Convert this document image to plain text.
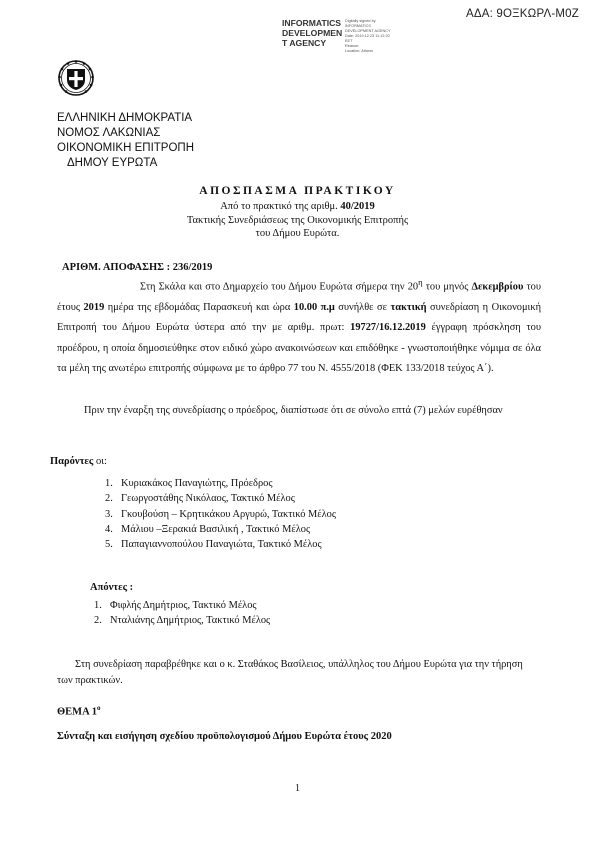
ΑΔΑ: 9ΟΞΚΩΡΛ-Μ0Ζ
INFORMATICS
DEVELOPMEN
T AGENCY
Digitally signed by
INFORMATICS
DEVELOPMENT AGENCY
Date: 2019.12.23 11:12:20
EET
Reason:
Location: Athens
ΕΛΛΗΝΙΚΗ ΔΗΜΟΚΡΑΤΙΑ
ΝΟΜΟΣ ΛΑΚΩΝΙΑΣ
ΟΙΚΟΝΟΜΙΚΗ ΕΠΙΤΡΟΠΗ
ΔΗΜΟΥ ΕΥΡΩΤΑ
ΑΠΟΣΠΑΣΜΑ ΠΡΑΚΤΙΚΟΥ
Από το πρακτικό της αριθμ. 40/2019
Τακτικής Συνεδριάσεως της Οικονομικής Επιτροπής
του Δήμου Ευρώτα.
ΑΡΙΘΜ. ΑΠΟΦΑΣΗΣ : 236/2019
Στη Σκάλα και στο Δημαρχείο του Δήμου Ευρώτα σήμερα την $20^\eta$ του μηνός Δεκεμβρίου του έτους 2019 ημέρα της εβδομάδας Παρασκευή και ώρα 10.00 π.μ συνήλθε σε τακτική συνεδρίαση η Οικονομική Επιτροπή του Δήμου Ευρώτα ύστερα από την με αριθμ. πρωτ: 19727/16.12.2019 έγγραφη πρόσκληση του προέδρου, η οποία δημοσιεύθηκε στον ειδικό χώρο ανακοινώσεων και επιδόθηκε - γνωστοποιήθηκε νόμιμα σε όλα τα μέλη της ανωτέρω επιτροπής σύμφωνα με το άρθρο 77 του Ν. 4555/2018 (ΦΕΚ 133/2018 τεύχος Α΄).
Πριν την έναρξη της συνεδρίασης ο πρόεδρος, διαπίστωσε ότι σε σύνολο επτά (7) μελών ευρέθησαν
Παρόντες οι:
1. Κυριακάκος Παναγιώτης, Πρόεδρος
2. Γεωργοστάθης Νικόλαος, Τακτικό Μέλος
3. Γκουβούση – Κρητικάκου Αργυρώ, Τακτικό Μέλος
4. Μάλιου –Ξερακιά Βασιλική , Τακτικό Μέλος
5. Παπαγιαννοπούλου Παναγιώτα, Τακτικό Μέλος
Απόντες :
1. Φιφλής Δημήτριος, Τακτικό Μέλος
2. Νταλιάνης Δημήτριος, Τακτικό Μέλος
Στη συνεδρίαση παραβρέθηκε και ο κ. Σταθάκος Βασίλειος, υπάλληλος του Δήμου Ευρώτα για την τήρηση των πρακτικών.
ΘΕΜΑ $1^o$
Σύνταξη και εισήγηση σχεδίου προϋπολογισμού Δήμου Ευρώτα έτους 2020
1
